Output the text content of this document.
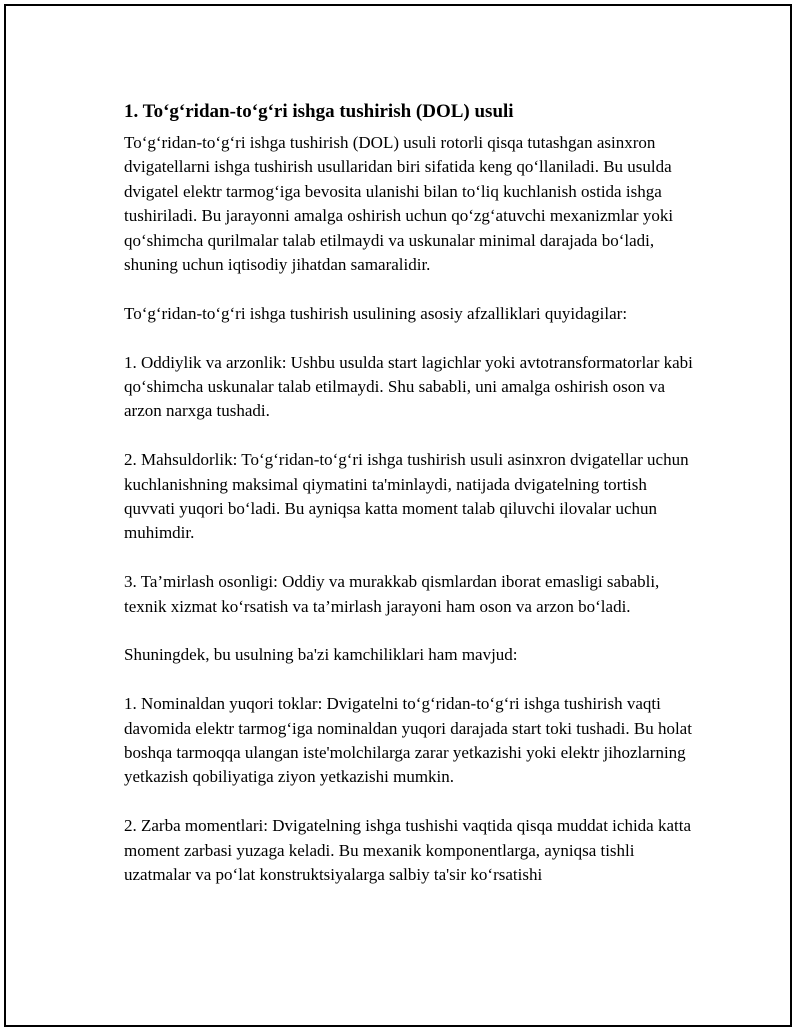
1. To‘g‘ridan-to‘g‘ri ishga tushirish (DOL) usuli

To‘g‘ridan-to‘g‘ri ishga tushirish (DOL) usuli rotorli qisqa tutashgan asinxron dvigatellarni ishga tushirish usullaridan biri sifatida keng qo‘llaniladi. Bu usulda dvigatel elektr tarmog‘iga bevosita ulanishi bilan to‘liq kuchlanish ostida ishga tushiriladi. Bu jarayonni amalga oshirish uchun qo‘zg‘atuvchi mexanizmlar yoki qo‘shimcha qurilmalar talab etilmaydi va uskunalar minimal darajada bo‘ladi, shuning uchun iqtisodiy jihatdan samaralidir.

To‘g‘ridan-to‘g‘ri ishga tushirish usulining asosiy afzalliklari quyidagilar:

1. Oddiylik va arzonlik: Ushbu usulda start lagichlar yoki avtotransformatorlar kabi qo‘shimcha uskunalar talab etilmaydi. Shu sababli, uni amalga oshirish oson va arzon narxga tushadi.

2. Mahsuldorlik: To‘g‘ridan-to‘g‘ri ishga tushirish usuli asinxron dvigatellar uchun kuchlanishning maksimal qiymatini ta'minlaydi, natijada dvigatelning tortish quvvati yuqori bo‘ladi. Bu ayniqsa katta moment talab qiluvchi ilovalar uchun muhimdir.

3. Ta’mirlash osonligi: Oddiy va murakkab qismlardan iborat emasligi sababli, texnik xizmat ko‘rsatish va ta’mirlash jarayoni ham oson va arzon bo‘ladi.

Shuningdek, bu usulning ba'zi kamchiliklari ham mavjud:

1. Nominaldan yuqori toklar: Dvigatelni to‘g‘ridan-to‘g‘ri ishga tushirish vaqti davomida elektr tarmog‘iga nominaldan yuqori darajada start toki tushadi. Bu holat boshqa tarmoqqa ulangan iste'molchilarga zarar yetkazishi yoki elektr jihozlarning yetkazish qobiliyatiga ziyon yetkazishi mumkin.

2. Zarba momentlari: Dvigatelning ishga tushishi vaqtida qisqa muddat ichida katta moment zarbasi yuzaga keladi. Bu mexanik komponentlarga, ayniqsa tishli uzatmalar va po‘lat konstruktsiyalarga salbiy ta'sir ko‘rsatishi
